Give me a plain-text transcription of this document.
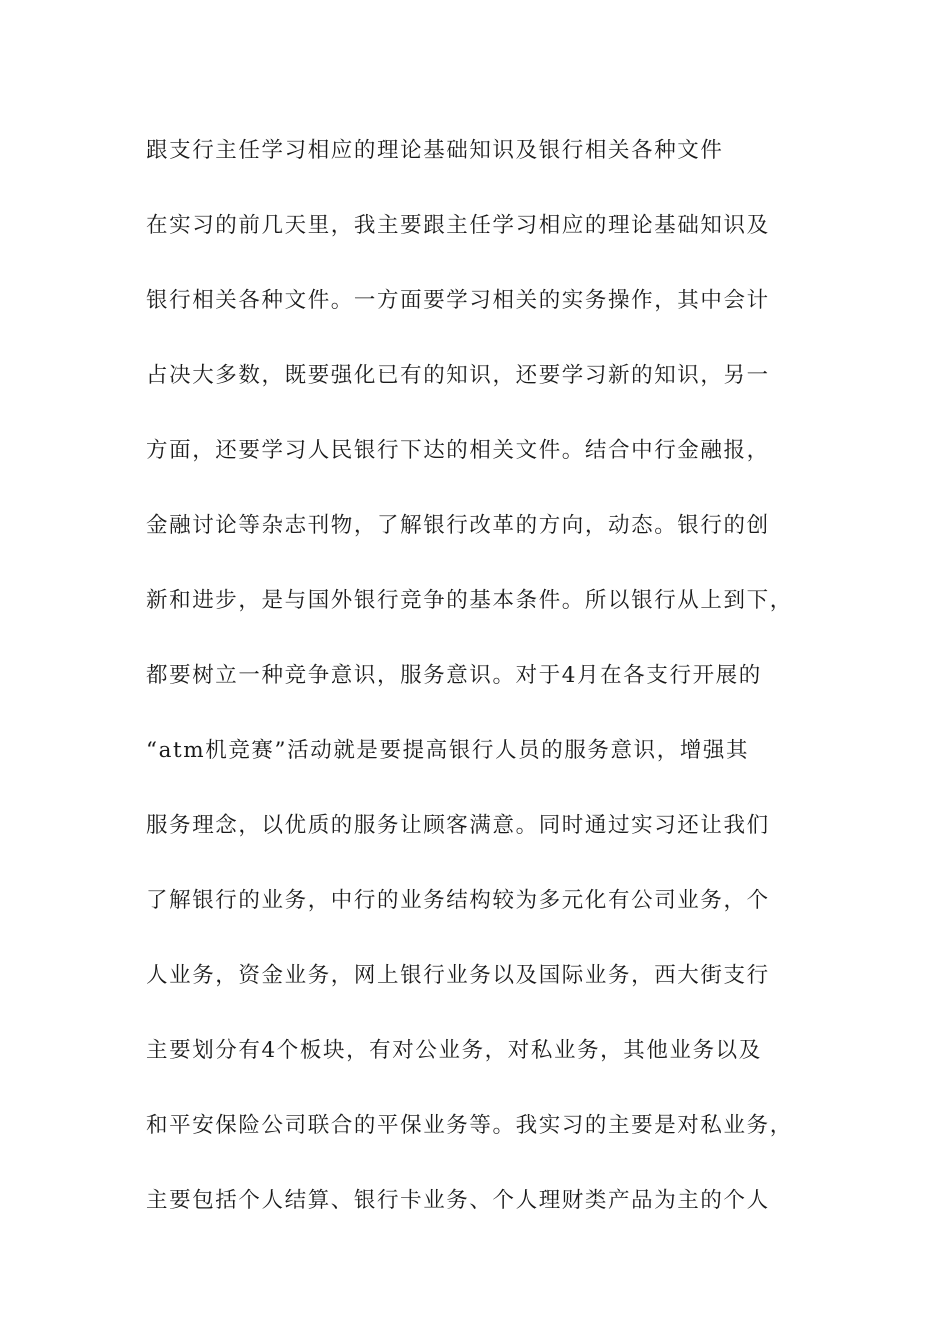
跟支行主任学习相应的理论基础知识及银行相关各种文件
在实习的前几天里，我主要跟主任学习相应的理论基础知识及
银行相关各种文件。一方面要学习相关的实务操作，其中会计
占决大多数，既要强化已有的知识，还要学习新的知识，另一
方面，还要学习人民银行下达的相关文件。结合中行金融报，
金融讨论等杂志刊物，了解银行改革的方向，动态。银行的创
新和进步，是与国外银行竞争的基本条件。所以银行从上到下，
都要树立一种竞争意识，服务意识。对于4月在各支行开展的
“atm机竞赛”活动就是要提高银行人员的服务意识，增强其
服务理念，以优质的服务让顾客满意。同时通过实习还让我们
了解银行的业务，中行的业务结构较为多元化有公司业务，个
人业务，资金业务，网上银行业务以及国际业务，西大街支行
主要划分有4个板块，有对公业务，对私业务，其他业务以及
和平安保险公司联合的平保业务等。我实习的主要是对私业务，
主要包括个人结算、银行卡业务、个人理财类产品为主的个人
